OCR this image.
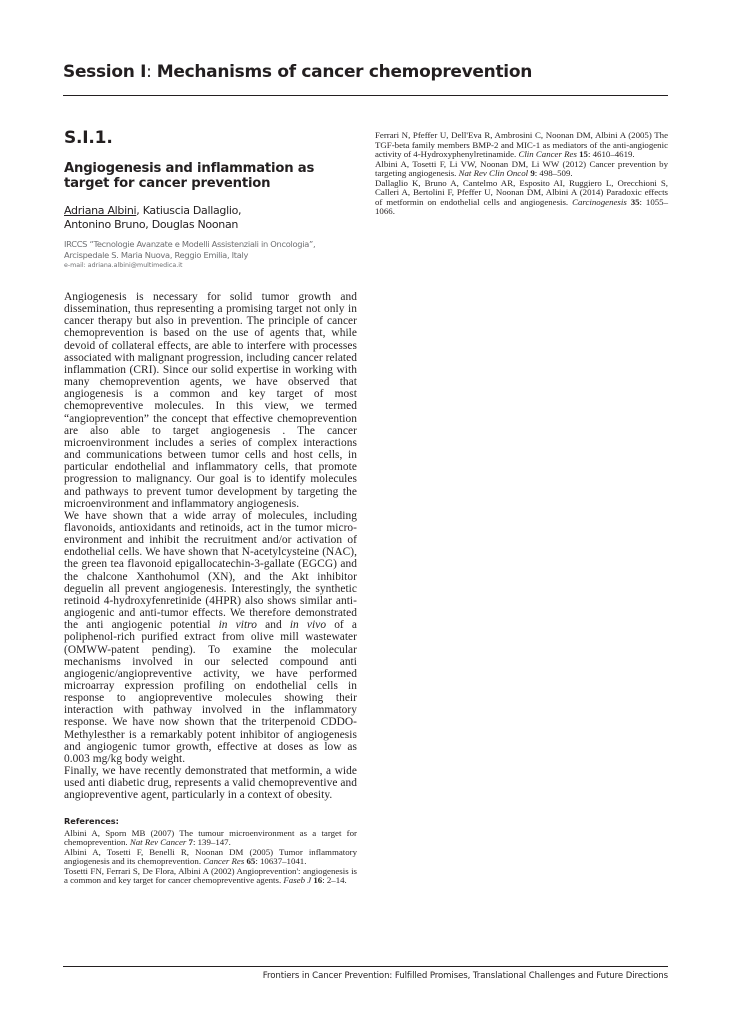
Session I: Mechanisms of cancer chemoprevention
S.I.1.
Angiogenesis and inflammation as target for cancer prevention

Adriana Albini, Katiuscia Dallaglio,
Antonino Bruno, Douglas Noonan

IRCCS “Tecnologie Avanzate e Modelli Assistenziali in Oncologia”, Arcispedale S. Maria Nuova, Reggio Emilia, Italy

e-mail: adriana.albini@multimedica.it

Angiogenesis is necessary for solid tumor growth and dissemination, thus representing a promising target not only in cancer therapy but also in prevention. The principle of cancer chemoprevention is based on the use of agents that, while devoid of collateral effects, are able to interfere with processes associated with malignant progression, including cancer related inflammation (CRI). Since our solid expertise in working with many chemoprevention agents, we have observed that angiogenesis is a common and key target of most chemopreventive molecules. In this view, we termed “angioprevention” the concept that effective chemoprevention are also able to target angiogenesis . The cancer microenvironment includes a series of complex interactions and communications between tumor cells and host cells, in particular endothelial and inflammatory cells, that promote progression to malignancy. Our goal is to identify molecules and pathways to prevent tumor development by targeting the microenvironment and inflammatory angiogenesis.

We have shown that a wide array of molecules, including flavonoids, antioxidants and retinoids, act in the tumor micro-environment and inhibit the recruitment and/or activation of endothelial cells. We have shown that N-acetylcysteine (NAC), the green tea flavonoid epigallocatechin-3-gallate (EGCG) and the chalcone Xanthohumol (XN), and the Akt inhibitor deguelin all prevent angiogenesis. Interestingly, the synthetic retinoid 4-hydroxyfenretinide (4HPR) also shows similar anti-angiogenic and anti-tumor effects. We therefore demonstrated the anti angiogenic potential in vitro and in vivo of a poliphenol-rich purified extract from olive mill wastewater (OMWW-patent pending). To examine the molecular mechanisms involved in our selected compound anti angiogenic/angiopreventive activity, we have performed microarray expression profiling on endothelial cells in response to angiopreventive molecules showing their interaction with pathway involved in the inflammatory response. We have now shown that the triterpenoid CDDO-Methylesther is a remarkably potent inhibitor of angiogenesis and angiogenic tumor growth, effective at doses as low as 0.003 mg/kg body weight.

Finally, we have recently demonstrated that metformin, a wide used anti diabetic drug, represents a valid chemopreventive and angiopreventive agent, particularly in a context of obesity.

References:

Albini A, Sporn MB (2007) The tumour microenvironment as a target for chemoprevention. Nat Rev Cancer 7: 139–147.

Albini A, Tosetti F, Benelli R, Noonan DM (2005) Tumor inflammatory angiogenesis and its chemoprevention. Cancer Res 65: 10637–1041.

Tosetti FN, Ferrari S, De Flora, Albini A (2002) Angioprevention': angiogenesis is a common and key target for cancer chemopreventive agents. Faseb J 16: 2–14.

Ferrari N, Pfeffer U, Dell'Eva R, Ambrosini C, Noonan DM, Albini A (2005) The TGF-beta family members BMP-2 and MIC-1 as mediators of the anti-angiogenic activity of 4-Hydroxyphenylretinamide. Clin Cancer Res 15: 4610–4619.

Albini A, Tosetti F, Li VW, Noonan DM, Li WW (2012) Cancer prevention by targeting angiogenesis. Nat Rev Clin Oncol 9: 498–509.

Dallaglio K, Bruno A, Cantelmo AR, Esposito AI, Ruggiero L, Orecchioni S, Calleri A, Bertolini F, Pfeffer U, Noonan DM, Albini A (2014) Paradoxic effects of metformin on endothelial cells and angiogenesis. Carcinogenesis 35: 1055–1066.

Frontiers in Cancer Prevention: Fulfilled Promises, Translational Challenges and Future Directions
